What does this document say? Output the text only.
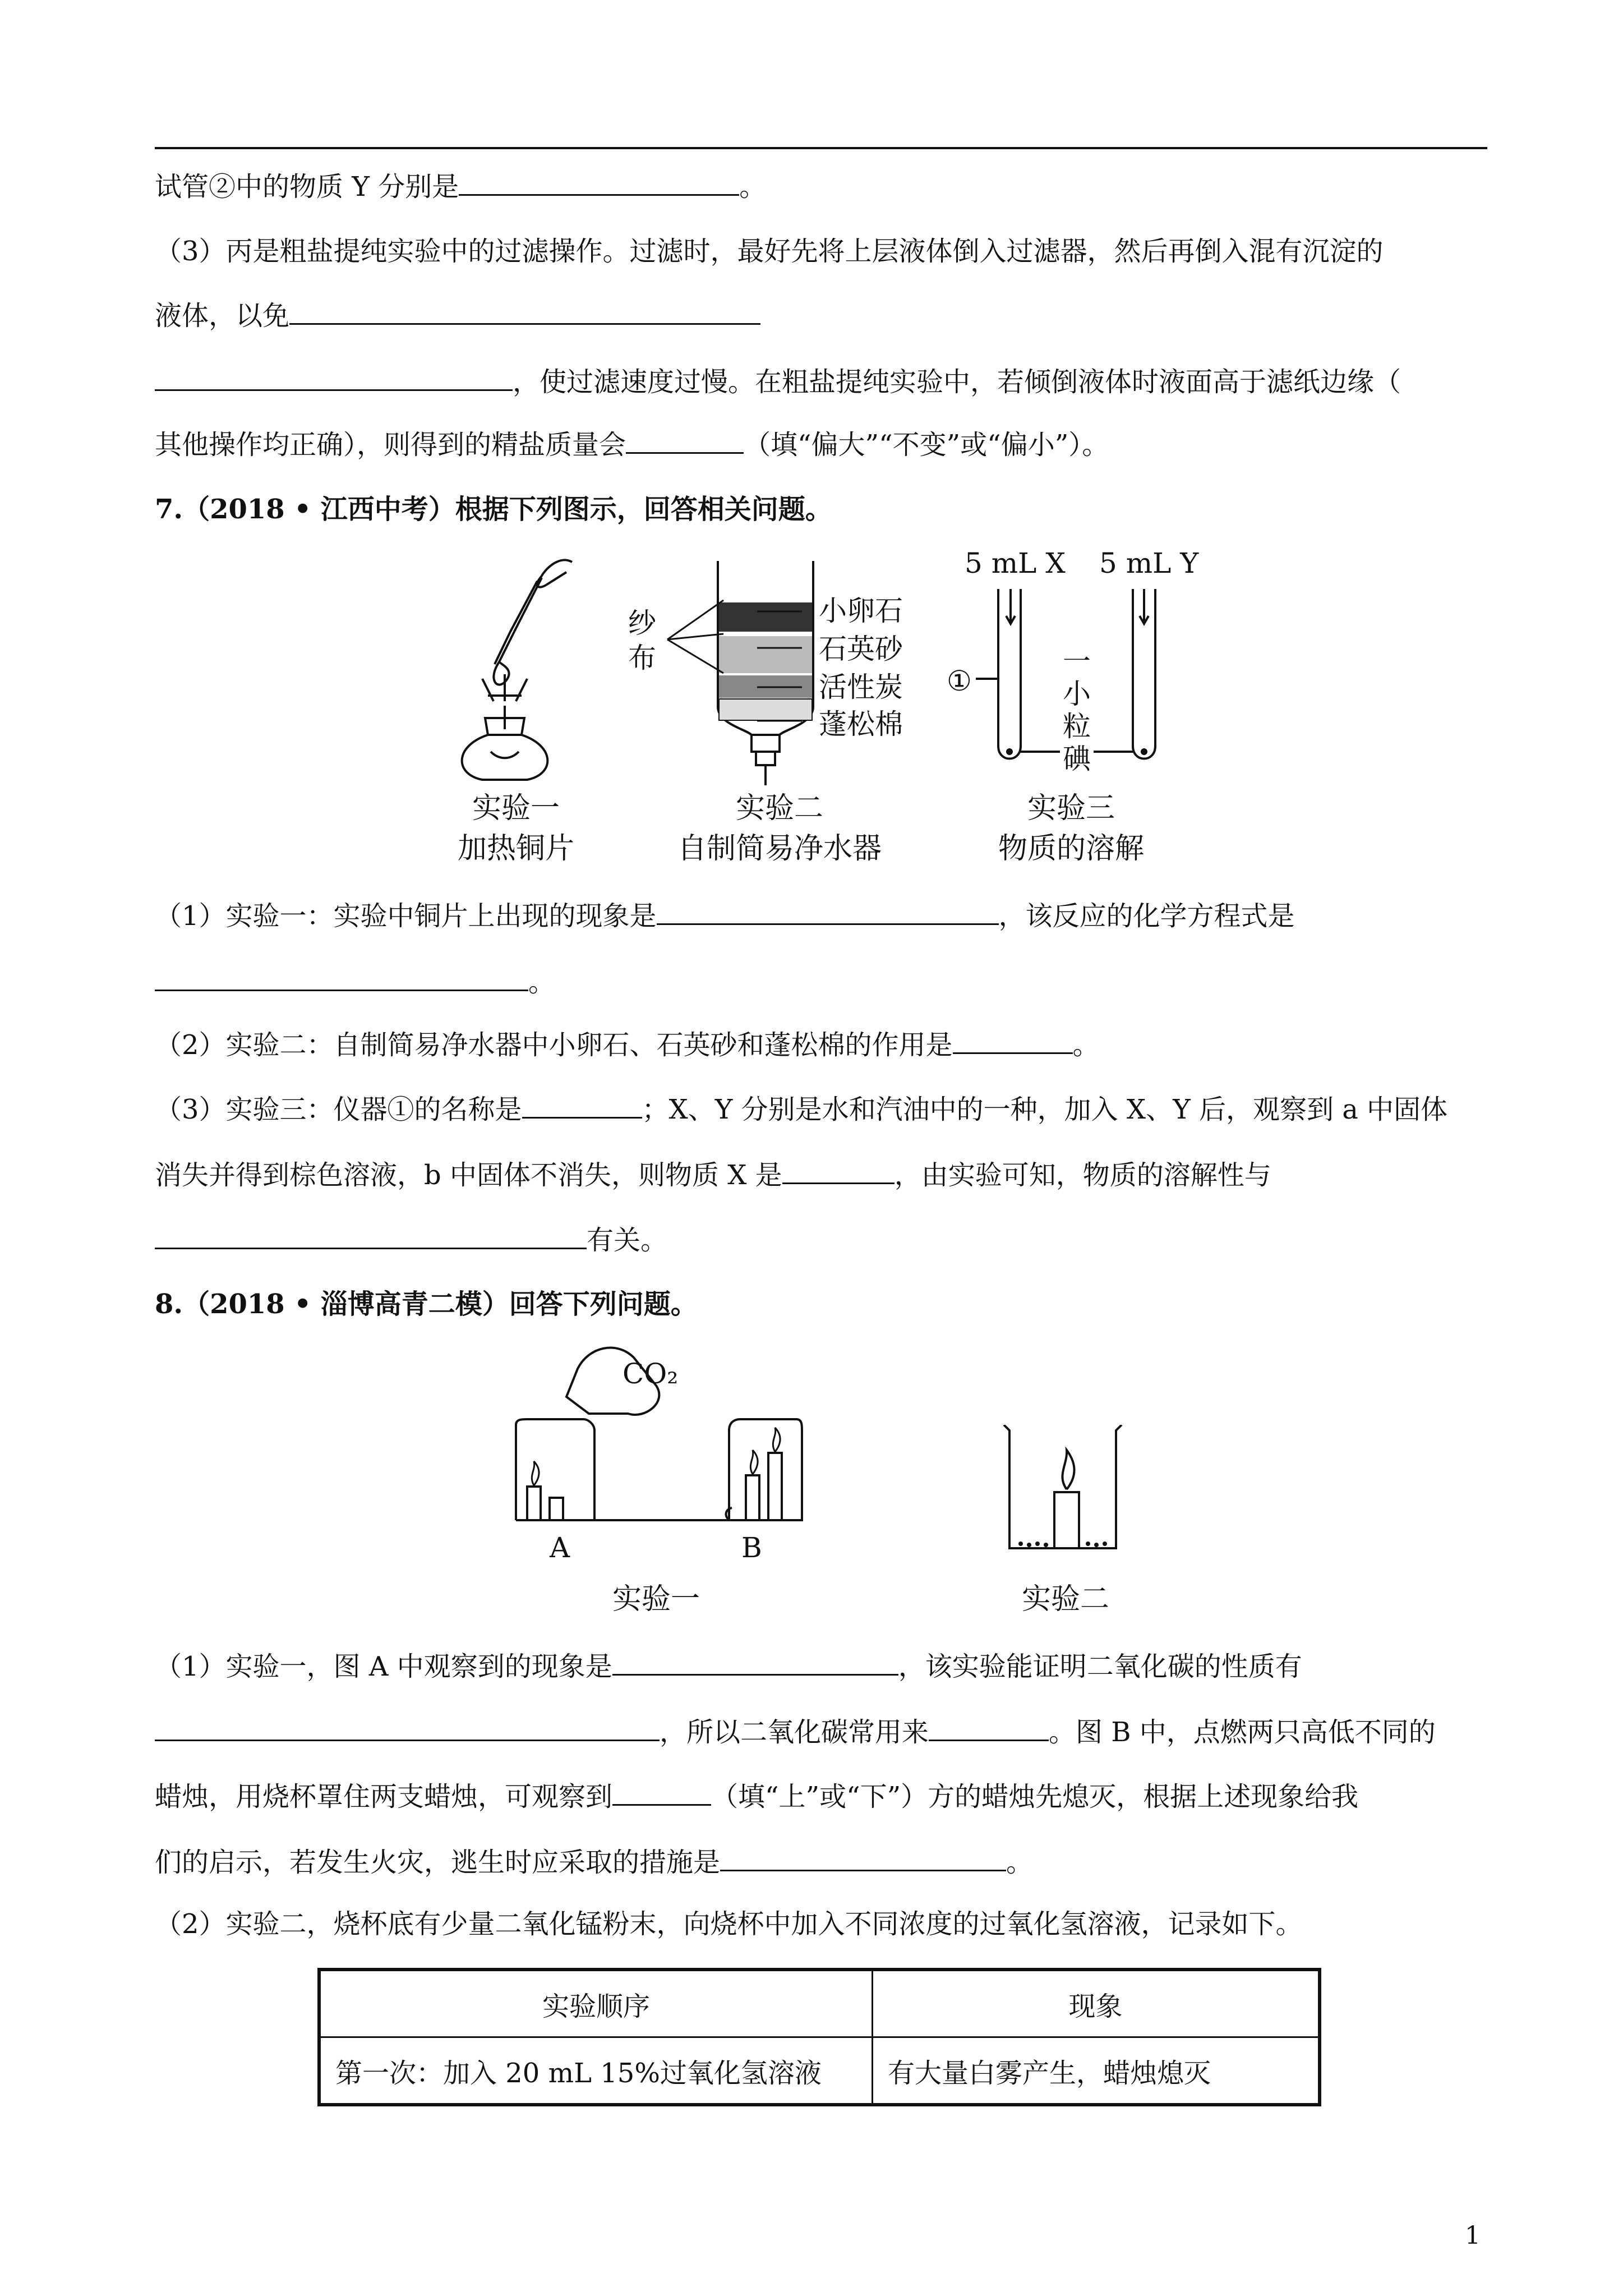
试管②中的物质 Y 分别是	。
（3）丙是粗盐提纯实验中的过滤操作。过滤时，最好先将上层液体倒入过滤器，然后再倒入混有沉淀的
液体，以免
，使过滤速度过慢。在粗盐提纯实验中，若倾倒液体时液面高于滤纸边缘（
其他操作均正确），则得到的精盐质量会	（填“偏大”“不变”或“偏小”）。
7.（2018 • 江西中考）根据下列图示，回答相关问题。
实验一
加热铜片
纱
布
小卵石
石英砂
活性炭
蓬松棉
实验二
自制简易净水器
5 mL X 5 mL Y
①
一
小
粒
碘
实验三
物质的溶解
（1）实验一：实验中铜片上出现的现象是	，该反应的化学方程式是
。
（2）实验二：自制简易净水器中小卵石、石英砂和蓬松棉的作用是	。
（3）实验三：仪器①的名称是	；X、Y 分别是水和汽油中的一种，加入 X、Y 后，观察到 a 中固体
消失并得到棕色溶液，b 中固体不消失，则物质 X 是	，由实验可知，物质的溶解性与
有关。
8.（2018 • 淄博高青二模）回答下列问题。
CO₂
A	B
实验一	实验二
（1）实验一，图 A 中观察到的现象是	，该实验能证明二氧化碳的性质有
，所以二氧化碳常用来	。图 B 中，点燃两只高低不同的
蜡烛，用烧杯罩住两支蜡烛，可观察到	（填“上”或“下”）方的蜡烛先熄灭，根据上述现象给我
们的启示，若发生火灾，逃生时应采取的措施是	。
（2）实验二，烧杯底有少量二氧化锰粉末，向烧杯中加入不同浓度的过氧化氢溶液，记录如下。
实验顺序	现象
第一次：加入 20 mL 15%过氧化氢溶液	有大量白雾产生，蜡烛熄灭
1
